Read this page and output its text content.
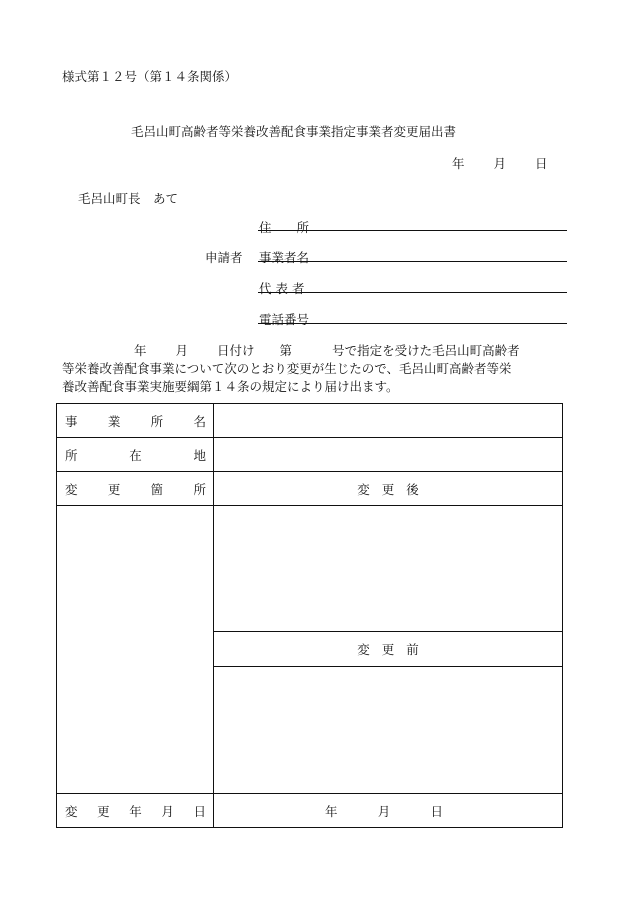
様式第１２号（第１４条関係）
毛呂山町高齢者等栄養改善配食事業指定事業者変更届出書
年 月 日
毛呂山町長　あて
申請者
住　　所
事業者名
代 表 者
電話番号

年 月 日付け 第	号で指定を受けた毛呂山町高齢者

等栄養改善配食事業について次のとおり変更が生じたので、毛呂山町高齢者等栄

養改善配食事業実施要綱第１４条の規定により届け出ます。

事 業 所 名	

所 在 地	

変 更 箇 所	変 更 後

	変 更 前

変 更 年 月 日	年 月 日
